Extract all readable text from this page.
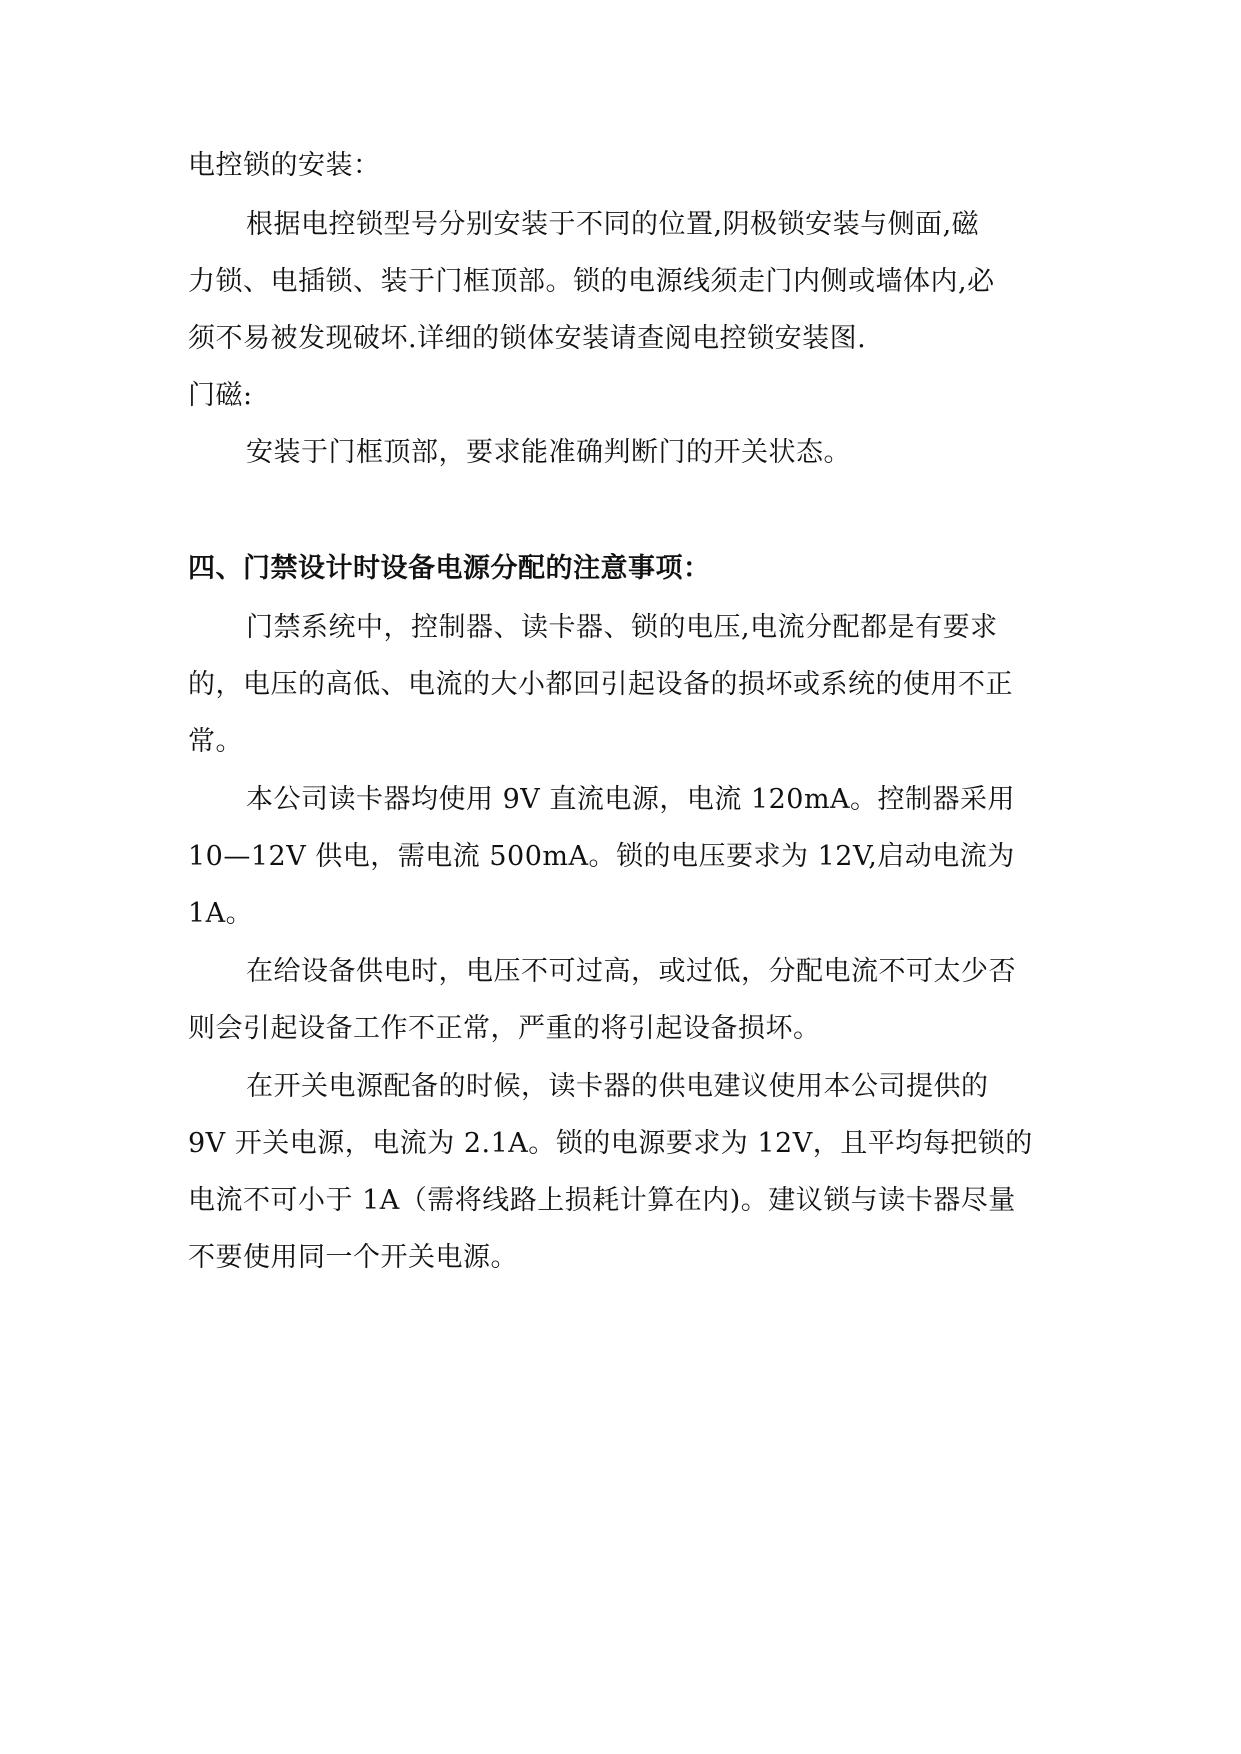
电控锁的安装：
根据电控锁型号分别安装于不同的位置,阴极锁安装与侧面,磁
力锁、电插锁、装于门框顶部。锁的电源线须走门内侧或墙体内,必
须不易被发现破坏.详细的锁体安装请查阅电控锁安装图.
门磁:
安装于门框顶部，要求能准确判断门的开关状态。
四、门禁设计时设备电源分配的注意事项：
门禁系统中，控制器、读卡器、锁的电压,电流分配都是有要求
的，电压的高低、电流的大小都回引起设备的损坏或系统的使用不正
常。
本公司读卡器均使用 9V 直流电源，电流 120mA。控制器采用
10—12V 供电，需电流 500mA。锁的电压要求为 12V,启动电流为
1A。
在给设备供电时，电压不可过高，或过低，分配电流不可太少否
则会引起设备工作不正常，严重的将引起设备损坏。
在开关电源配备的时候，读卡器的供电建议使用本公司提供的
9V 开关电源，电流为 2.1A。锁的电源要求为 12V，且平均每把锁的
电流不可小于 1A（需将线路上损耗计算在内)。建议锁与读卡器尽量
不要使用同一个开关电源。
